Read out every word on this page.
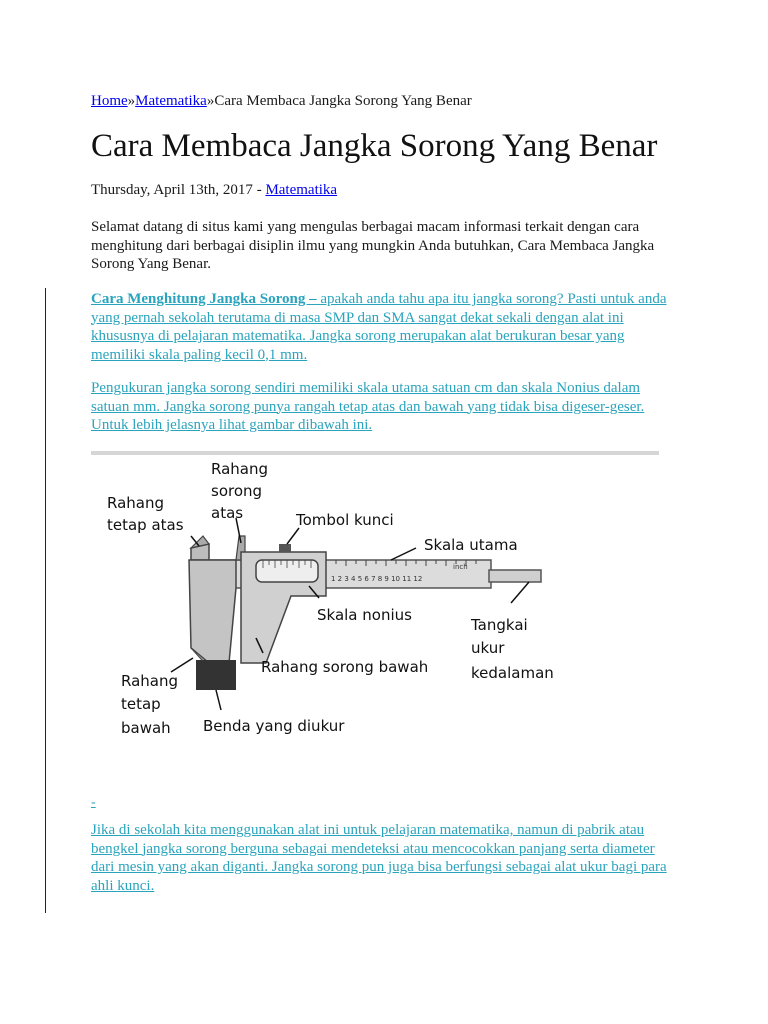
Home»Matematika»Cara Membaca Jangka Sorong Yang Benar
Cara Membaca Jangka Sorong Yang Benar
Thursday, April 13th, 2017 - Matematika

Selamat datang di situs kami yang mengulas berbagai macam informasi terkait dengan cara menghitung dari berbagai disiplin ilmu yang mungkin Anda butuhkan, Cara Membaca Jangka Sorong Yang Benar.

Cara Menghitung Jangka Sorong – apakah anda tahu apa itu jangka sorong? Pasti untuk anda yang pernah sekolah terutama di masa SMP dan SMA sangat dekat sekali dengan alat ini khususnya di pelajaran matematika. Jangka sorong merupakan alat berukuran besar yang memiliki skala paling kecil 0,1 mm.

Pengukuran jangka sorong sendiri memiliki skala utama satuan cm dan skala Nonius dalam satuan mm. Jangka sorong punya rangah tetap atas dan bawah yang tidak bisa digeser-geser. Untuk lebih jelasnya lihat gambar dibawah ini.

1 2 3 4 5 6 7 8 9 10 11 12
inch
Rahang
sorong
atas
Rahang
tetap atas	Tombol kunci
Skala utama
Skala nonius
Tangkai
ukur
kedalaman
Rahang sorong bawah
Rahang
tetap
bawah Benda yang diukur
-

Jika di sekolah kita menggunakan alat ini untuk pelajaran matematika, namun di pabrik atau bengkel jangka sorong berguna sebagai mendeteksi atau mencocokkan panjang serta diameter dari mesin yang akan diganti. Jangka sorong pun juga bisa berfungsi sebagai alat ukur bagi para ahli kunci.
